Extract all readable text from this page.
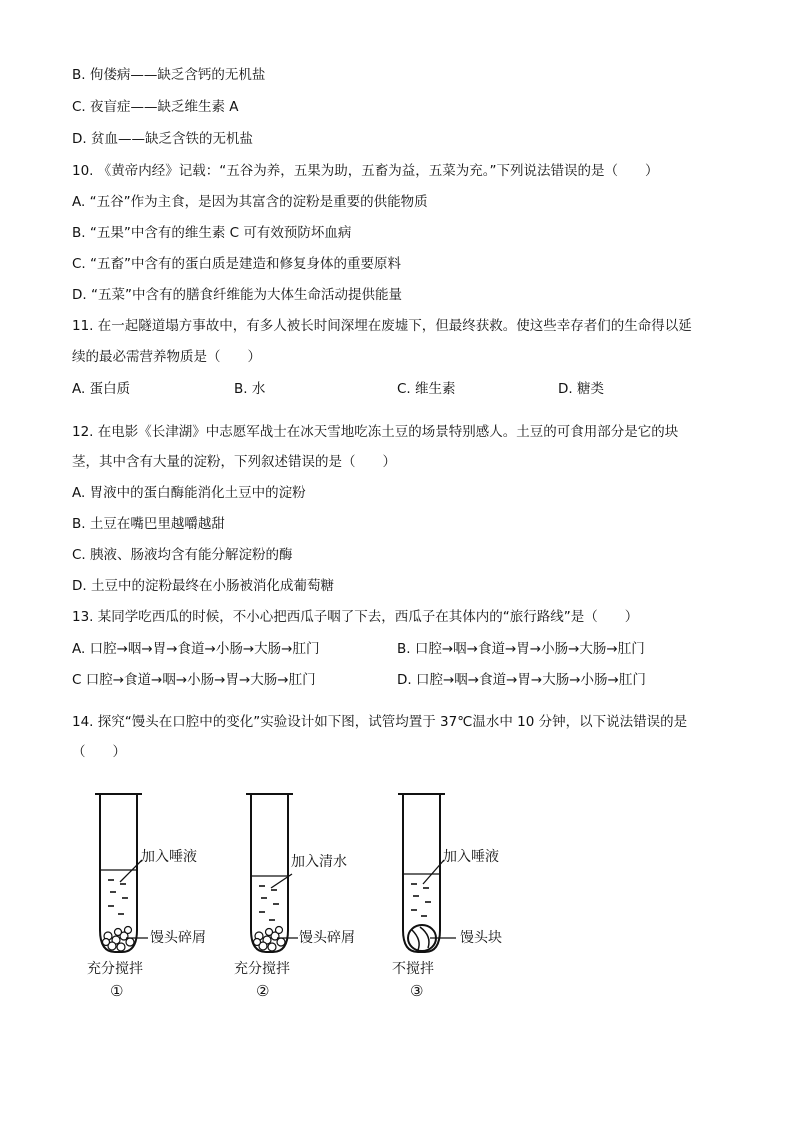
B. 佝偻病——缺乏含钙的无机盐
C. 夜盲症——缺乏维生素 A
D. 贫血——缺乏含铁的无机盐
10. 《黄帝内经》记载：“五谷为养，五果为助，五畜为益，五菜为充。”下列说法错误的是（　　）
A. “五谷”作为主食，是因为其富含的淀粉是重要的供能物质
B. “五果”中含有的维生素 C 可有效预防坏血病
C. “五畜”中含有的蛋白质是建造和修复身体的重要原料
D. “五菜”中含有的膳食纤维能为大体生命活动提供能量
11. 在一起隧道塌方事故中，有多人被长时间深埋在废墟下，但最终获救。使这些幸存者们的生命得以延
续的最必需营养物质是（　　）
A. 蛋白质	B. 水	C. 维生素	D. 糖类
12. 在电影《长津湖》中志愿军战士在冰天雪地吃冻土豆的场景特别感人。土豆的可食用部分是它的块
茎，其中含有大量的淀粉，下列叙述错误的是（　　）
A. 胃液中的蛋白酶能消化土豆中的淀粉
B. 土豆在嘴巴里越嚼越甜
C. 胰液、肠液均含有能分解淀粉的酶
D. 土豆中的淀粉最终在小肠被消化成葡萄糖
13. 某同学吃西瓜的时候，不小心把西瓜子咽了下去，西瓜子在其体内的“旅行路线”是（　　）
A. 口腔→咽→胃→食道→小肠→大肠→肛门	B. 口腔→咽→食道→胃→小肠→大肠→肛门
C 口腔→食道→咽→小肠→胃→大肠→肛门	D. 口腔→咽→食道→胃→大肠→小肠→肛门
14. 探究“馒头在口腔中的变化”实验设计如下图，试管均置于 37℃温水中 10 分钟，以下说法错误的是
（　　）
加入唾液
馒头碎屑
充分搅拌
①
加入清水
馒头碎屑
充分搅拌
②
加入唾液
馒头块
不搅拌
③
